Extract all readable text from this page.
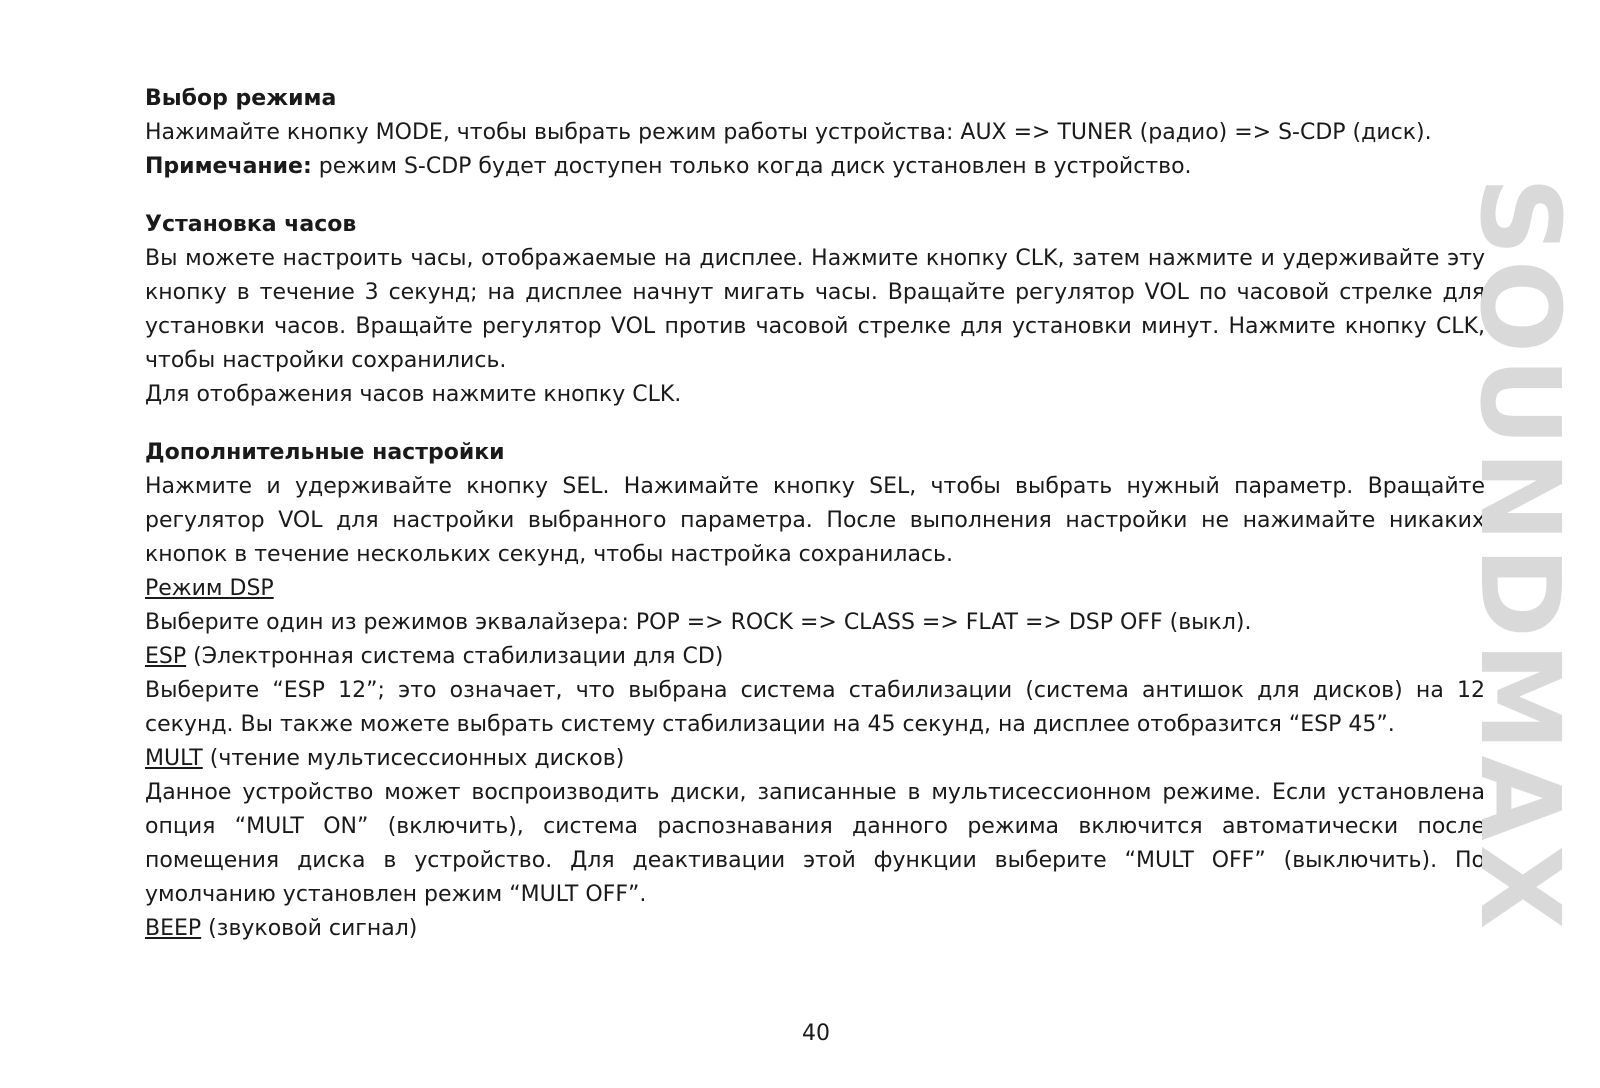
Выбор режима

Нажимайте кнопку MODE, чтобы выбрать режим работы устройства: AUX => TUNER (радио) => S-CDP (диск).

Примечание: режим S-CDP будет доступен только когда диск установлен в устройство.

Установка часов

Вы можете настроить часы, отображаемые на дисплее. Нажмите кнопку CLK, затем нажмите и удерживайте эту кнопку в течение 3 секунд; на дисплее начнут мигать часы. Вращайте регулятор VOL по часовой стрелке для установки часов. Вращайте регулятор VOL против часовой стрелке для установки минут. Нажмите кнопку CLK, чтобы настройки сохранились.

Для отображения часов нажмите кнопку CLK.

Дополнительные настройки

Нажмите и удерживайте кнопку SEL. Нажимайте кнопку SEL, чтобы выбрать нужный параметр. Вращайте регулятор VOL для настройки выбранного параметра. После выполнения настройки не нажимайте никаких кнопок в течение нескольких секунд, чтобы настройка сохранилась.

Режим DSP

Выберите один из режимов эквалайзера: POP => ROCK => CLASS => FLAT => DSP OFF (выкл).

ESP (Электронная система стабилизации для CD)

Выберите “ESP 12”; это означает, что выбрана система стабилизации (система антишок для дисков) на 12 секунд. Вы также можете выбрать систему стабилизации на 45 секунд, на дисплее отобразится “ESP 45”.

MULT (чтение мультисессионных дисков)

Данное устройство может воспроизводить диски, записанные в мультисессионном режиме. Если установлена опция “MULT ON” (включить), система распознавания данного режима включится автоматически после помещения диска в устройство. Для деактивации этой функции выберите “MULT OFF” (выключить). По умолчанию установлен режим “MULT OFF”.

BEEP (звуковой сигнал)

40
SOUNDMAX
